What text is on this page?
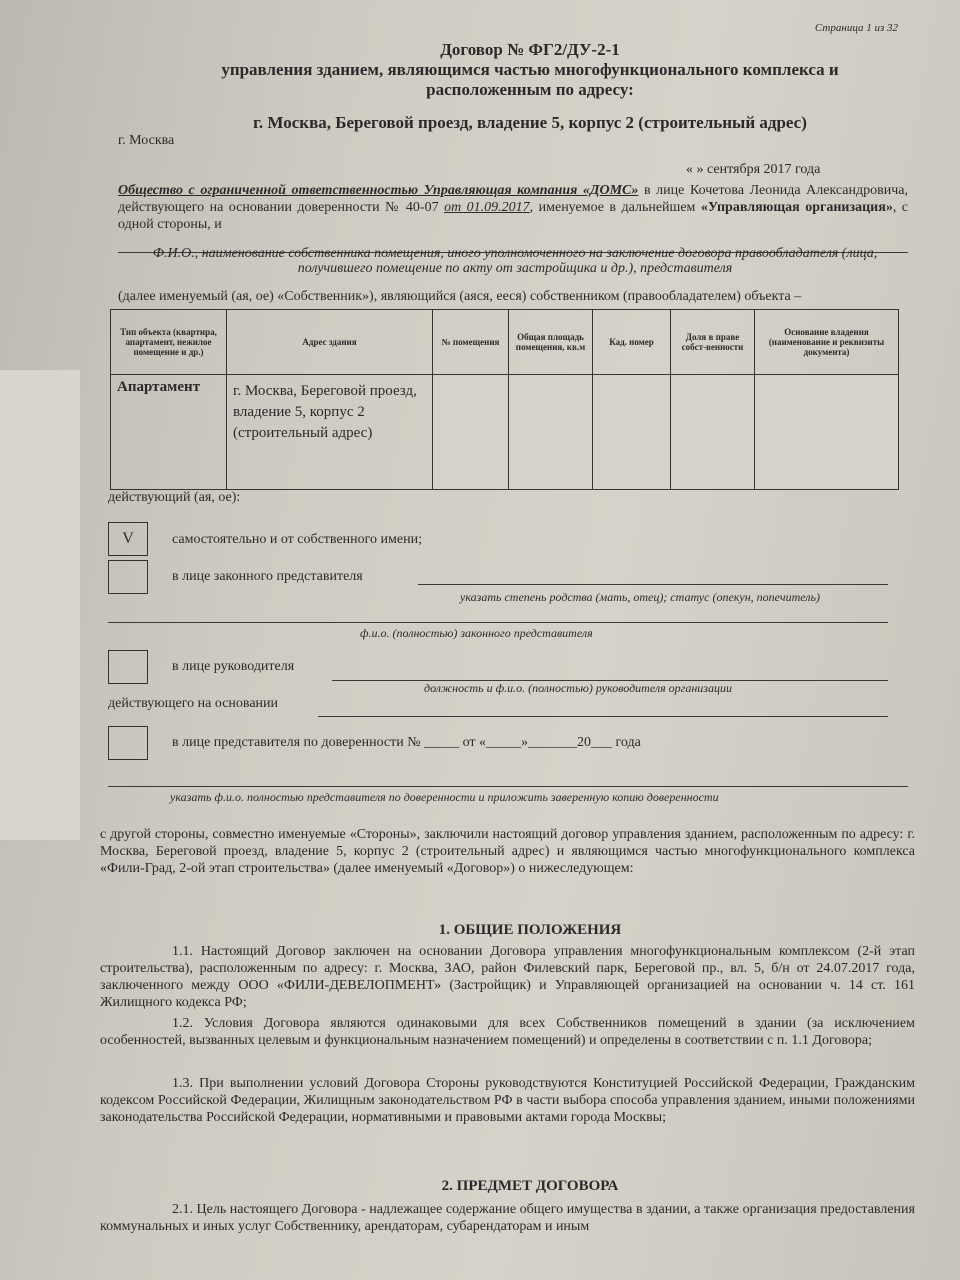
Страница 1 из 32
Договор № ФГ2/ДУ-2-1
управления зданием, являющимся частью многофункционального комплекса и
расположенным по адресу:
г. Москва, Береговой проезд, владение 5, корпус 2 (строительный адрес)
г. Москва
« » сентября 2017 года

Общество с ограниченной ответственностью Управляющая компания «ДОМС» в лице Кочетова Леонида Александровича, действующего на основании доверенности № 40-07 от 01.09.2017, именуемое в дальнейшем «Управляющая организация», с одной стороны, и

Ф.И.О., наименование собственника помещения, иного уполномоченного на заключение договора правообладателя (лица, получившего помещение по акту от застройщика и др.), представителя

(далее именуемый (ая, ое) «Собственник»), являющийся (аяся, ееся) собственником (правообладателем) объекта –

Тип объекта (квартира, апартамент, нежилое помещение и др.)	Адрес здания	№ помещения	Общая площадь помещения, кв.м	Кад. номер	Доля в праве собст-венности	Основание владения (наименование и реквизиты документа)
Апартамент	г. Москва, Береговой проезд, владение 5, корпус 2 (строительный адрес)					
действующий (ая, ое):
V	самостоятельно и от собственного имени;
в лице законного представителя
указать степень родства (мать, отец); статус (опекун, попечитель)
ф.и.о. (полностью) законного представителя
в лице руководителя
должность и ф.и.о. (полностью) руководителя организации
действующего на основании
в лице представителя по доверенности № _____ от «_____»_______20___ года
указать ф.и.о. полностью представителя по доверенности и приложить заверенную копию доверенности

с другой стороны, совместно именуемые «Стороны», заключили настоящий договор управления зданием, расположенным по адресу: г. Москва, Береговой проезд, владение 5, корпус 2 (строительный адрес) и являющимся частью многофункционального комплекса «Фили-Град, 2-ой этап строительства» (далее именуемый «Договор») о нижеследующем:

1. ОБЩИЕ ПОЛОЖЕНИЯ

1.1. Настоящий Договор заключен на основании Договора управления многофункциональным комплексом (2-й этап строительства), расположенным по адресу: г. Москва, ЗАО, район Филевский парк, Береговой пр., вл. 5, б/н от 24.07.2017 года, заключенного между ООО «ФИЛИ-ДЕВЕЛОПМЕНТ» (Застройщик) и Управляющей организацией на основании ч. 14 ст. 161 Жилищного кодекса РФ;

1.2. Условия Договора являются одинаковыми для всех Собственников помещений в здании (за исключением особенностей, вызванных целевым и функциональным назначением помещений) и определены в соответствии с п. 1.1 Договора;

1.3. При выполнении условий Договора Стороны руководствуются Конституцией Российской Федерации, Гражданским кодексом Российской Федерации, Жилищным законодательством РФ в части выбора способа управления зданием, иными положениями законодательства Российской Федерации, нормативными и правовыми актами города Москвы;

2. ПРЕДМЕТ ДОГОВОРА

2.1. Цель настоящего Договора - надлежащее содержание общего имущества в здании, а также организация предоставления коммунальных и иных услуг Собственнику, арендаторам, субарендаторам и иным
